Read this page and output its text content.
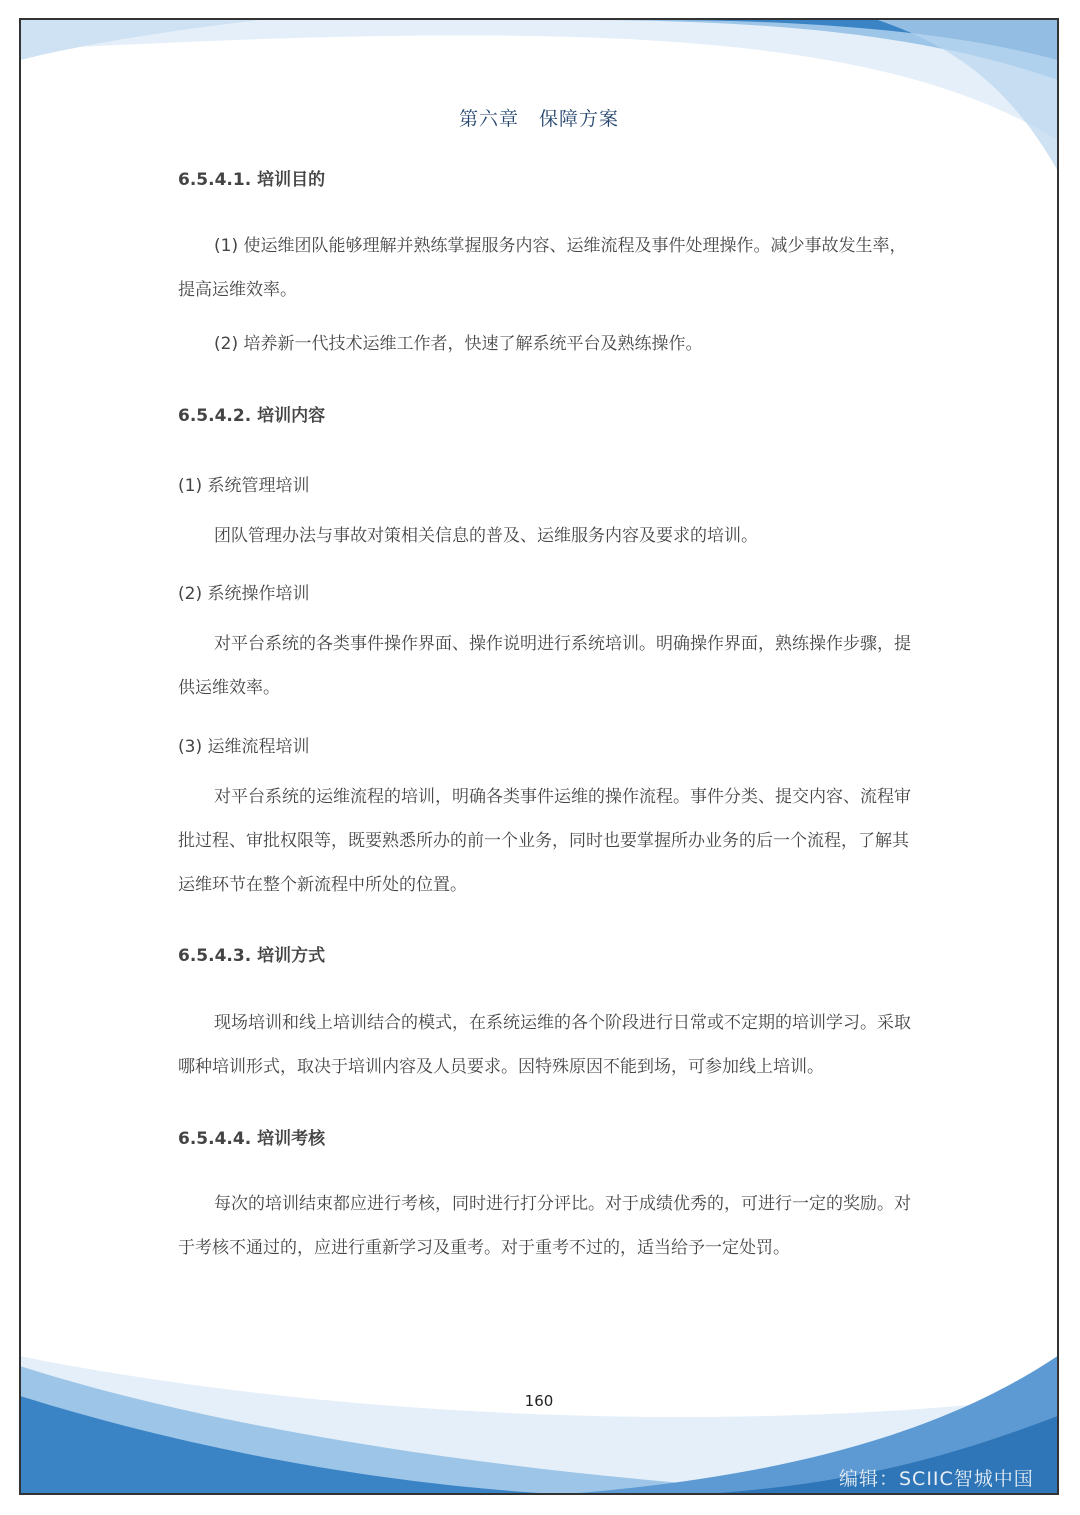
第六章　保障方案
6.5.4.1. 培训目的
(1) 使运维团队能够理解并熟练掌握服务内容、运维流程及事件处理操作。减少事故发生率，提高运维效率。
(2) 培养新一代技术运维工作者，快速了解系统平台及熟练操作。
6.5.4.2. 培训内容
(1) 系统管理培训
团队管理办法与事故对策相关信息的普及、运维服务内容及要求的培训。
(2) 系统操作培训
对平台系统的各类事件操作界面、操作说明进行系统培训。明确操作界面，熟练操作步骤，提供运维效率。
(3) 运维流程培训
对平台系统的运维流程的培训，明确各类事件运维的操作流程。事件分类、提交内容、流程审批过程、审批权限等，既要熟悉所办的前一个业务，同时也要掌握所办业务的后一个流程，了解其运维环节在整个新流程中所处的位置。
6.5.4.3. 培训方式
现场培训和线上培训结合的模式，在系统运维的各个阶段进行日常或不定期的培训学习。采取哪种培训形式，取决于培训内容及人员要求。因特殊原因不能到场，可参加线上培训。
6.5.4.4. 培训考核
每次的培训结束都应进行考核，同时进行打分评比。对于成绩优秀的，可进行一定的奖励。对于考核不通过的，应进行重新学习及重考。对于重考不过的，适当给予一定处罚。
160
编辑：SCIIC智城中国
